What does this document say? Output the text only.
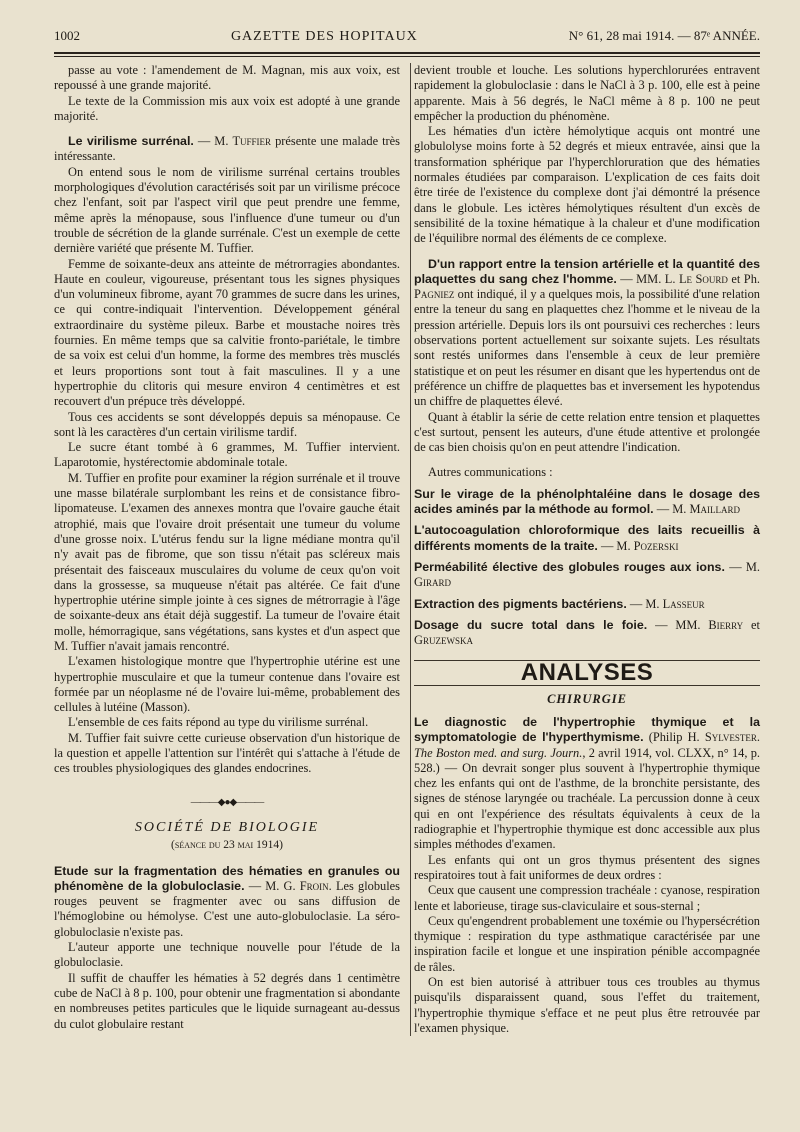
1002	GAZETTE DES HOPITAUX	N° 61, 28 mai 1914. — 87ᵉ ANNÉE.

passe au vote : l'amendement de M. Magnan, mis aux voix, est repoussé à une grande majorité.

Le texte de la Commission mis aux voix est adopté à une grande majorité.

Le virilisme surrénal. — M. Tuffier présente une malade très intéressante.

On entend sous le nom de virilisme surrénal certains troubles morphologiques d'évolution caractérisés soit par un virilisme précoce chez l'enfant, soit par l'aspect viril que peut prendre une femme, même après la ménopause, sous l'influence d'une tumeur ou d'un trouble de sécrétion de la glande surrénale. C'est un exemple de cette dernière variété que présente M. Tuffier.

Femme de soixante-deux ans atteinte de métrorragies abondantes. Haute en couleur, vigoureuse, présentant tous les signes physiques d'un volumineux fibrome, ayant 70 grammes de sucre dans les urines, ce qui contre-indiquait l'intervention. Développement général extraordinaire du système pileux. Barbe et moustache noires très fournies. En même temps que sa calvitie fronto-pariétale, le timbre de sa voix est celui d'un homme, la forme des membres très musclés et leurs proportions sont tout à fait masculines. Il y a une hypertrophie du clitoris qui mesure environ 4 centimètres et est recouvert d'un prépuce très développé.

Tous ces accidents se sont développés depuis sa ménopause. Ce sont là les caractères d'un certain virilisme tardif.

Le sucre étant tombé à 6 grammes, M. Tuffier intervient. Laparotomie, hystérectomie abdominale totale.

M. Tuffier en profite pour examiner la région surrénale et il trouve une masse bilatérale surplombant les reins et de consistance fibro-lipomateuse. L'examen des annexes montra que l'ovaire gauche était atrophié, mais que l'ovaire droit présentait une tumeur du volume d'une grosse noix. L'utérus fendu sur la ligne médiane montra qu'il n'y avait pas de fibrome, que son tissu n'était pas scléreux mais présentait des faisceaux musculaires du volume de ceux qu'on voit dans la grossesse, sa muqueuse n'était pas altérée. Ce fait d'une hypertrophie utérine simple jointe à ces signes de métrorragie à l'âge de soixante-deux ans était déjà suggestif. La tumeur de l'ovaire était molle, hémorragique, sans végétations, sans kystes et d'un aspect que M. Tuffier n'avait jamais rencontré.

L'examen histologique montre que l'hypertrophie utérine est une hypertrophie musculaire et que la tumeur contenue dans l'ovaire est formée par un néoplasme né de l'ovaire lui-même, probablement des cellules à lutéine (Masson).

L'ensemble de ces faits répond au type du virilisme surrénal.

M. Tuffier fait suivre cette curieuse observation d'un historique de la question et appelle l'attention sur l'intérêt qui s'attache à l'étude de ces troubles physiologiques des glandes endocrines.

———◆●◆———
SOCIÉTÉ DE BIOLOGIE
(séance du 23 mai 1914)

Etude sur la fragmentation des hématies en granules ou phénomène de la globuloclasie. — M. G. Froin. Les globules rouges peuvent se fragmenter avec ou sans diffusion de l'hémoglobine ou hémolyse. C'est une auto-globuloclasie. La séro-globuloclasie n'existe pas.

L'auteur apporte une technique nouvelle pour l'étude de la globuloclasie.

Il suffit de chauffer les hématies à 52 degrés dans 1 centimètre cube de NaCl à 8 p. 100, pour obtenir une fragmentation si abondante en nombreuses petites particules que le liquide surnageant au-dessus du culot globulaire restant

devient trouble et louche. Les solutions hyperchlorurées entravent rapidement la globuloclasie : dans le NaCl à 3 p. 100, elle est à peine apparente. Mais à 56 degrés, le NaCl même à 8 p. 100 ne peut empêcher la production du phénomène.

Les hématies d'un ictère hémolytique acquis ont montré une globulolyse moins forte à 52 degrés et mieux entravée, ainsi que la transformation sphérique par l'hyperchloruration que des hématies normales étudiées par comparaison. L'explication de ces faits doit être tirée de l'existence du complexe dont j'ai démontré la présence dans le globule. Les ictères hémolytiques résultent d'un excès de sensibilité de la toxine hématique à la chaleur et d'une modification de l'équilibre normal des éléments de ce complexe.

D'un rapport entre la tension artérielle et la quantité des plaquettes du sang chez l'homme. — MM. L. Le Sourd et Ph. Pagniez ont indiqué, il y a quelques mois, la possibilité d'une relation entre la teneur du sang en plaquettes chez l'homme et le niveau de la pression artérielle. Depuis lors ils ont poursuivi ces recherches : leurs observations portent actuellement sur soixante sujets. Les résultats sont restés uniformes dans l'ensemble à ceux de leur première statistique et on peut les résumer en disant que les hypertendus ont de préférence un chiffre de plaquettes bas et inversement les hypotendus un chiffre de plaquettes élevé.

Quant à établir la série de cette relation entre tension et plaquettes c'est surtout, pensent les auteurs, d'une étude attentive et prolongée de cas bien choisis qu'on en peut attendre l'indication.

Autres communications :

Sur le virage de la phénolphtaléine dans le dosage des acides aminés par la méthode au formol. — M. Maillard

L'autocoagulation chloroformique des laits recueillis à différents moments de la traite. — M. Pozerski

Perméabilité élective des globules rouges aux ions. — M. Girard

Extraction des pigments bactériens. — M. Lasseur

Dosage du sucre total dans le foie. — MM. Bierry et Gruzewska

ANALYSES
CHIRURGIE

Le diagnostic de l'hypertrophie thymique et la symptomatologie de l'hyperthymisme. (Philip H. Sylvester. The Boston med. and surg. Journ., 2 avril 1914, vol. CLXX, n° 14, p. 528.) — On devrait songer plus souvent à l'hypertrophie thymique chez les enfants qui ont de l'asthme, de la bronchite persistante, des signes de sténose laryngée ou trachéale. La percussion donne à ceux qui en ont l'expérience des résultats équivalents à ceux de la radiographie et l'hypertrophie thymique est donc accessible aux plus simples méthodes d'examen.

Les enfants qui ont un gros thymus présentent des signes respiratoires tout à fait uniformes de deux ordres :

Ceux que causent une compression trachéale : cyanose, respiration lente et laborieuse, tirage sus-claviculaire et sous-sternal ;

Ceux qu'engendrent probablement une toxémie ou l'hypersécrétion thymique : respiration du type asthmatique caractérisée par une inspiration facile et longue et une inspiration pénible accompagnée de râles.

On est bien autorisé à attribuer tous ces troubles au thymus puisqu'ils disparaissent quand, sous l'effet du traitement, l'hypertrophie thymique s'efface et ne peut plus être retrouvée par l'examen physique.
